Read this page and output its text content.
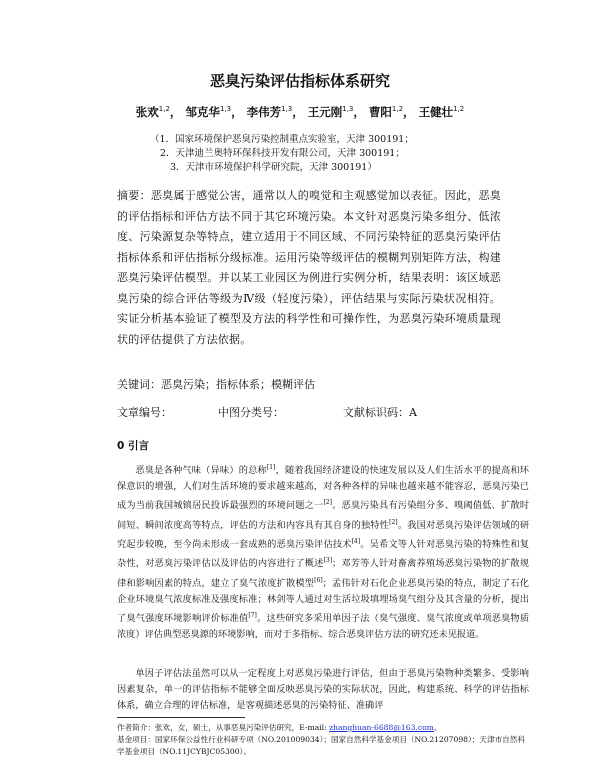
恶臭污染评估指标体系研究
张欢$^{1,2}$， 邹克华$^{1,3}$， 李伟芳$^{1,3}$， 王元刚$^{1,3}$， 曹阳$^{1,2}$， 王健壮$^{1,2}$
（1．国家环境保护恶臭污染控制重点实验室，天津 300191；
2．天津迪兰奥特环保科技开发有限公司，天津 300191；
3．天津市环境保护科学研究院，天津 300191）
摘要：恶臭属于感觉公害，通常以人的嗅觉和主观感觉加以表征。因此，恶臭的评估指标和评估方法不同于其它环境污染。本文针对恶臭污染多组分、低浓度、污染源复杂等特点，建立适用于不同区域、不同污染特征的恶臭污染评估指标体系和评估指标分级标准。运用污染等级评估的模糊判别矩阵方法，构建恶臭污染评估模型。并以某工业园区为例进行实例分析，结果表明：该区域恶臭污染的综合评估等级为Ⅳ级（轻度污染），评估结果与实际污染状况相符。实证分析基本验证了模型及方法的科学性和可操作性，为恶臭污染环境质量现状的评估提供了方法依据。
关键词：恶臭污染；指标体系；模糊评估
文章编号：	中图分类号：	文献标识码：A
0 引言

恶臭是各种气味（异味）的总称[1]，随着我国经济建设的快速发展以及人们生活水平的提高和环保意识的增强，人们对生活环境的要求越来越高，对各种各样的异味也越来越不能容忍，恶臭污染已成为当前我国城镇居民投诉最强烈的环境问题之一[2]。恶臭污染具有污染组分多、嗅阈值低、扩散时间短、瞬间浓度高等特点，评估的方法和内容具有其自身的独特性[2]。我国对恶臭污染评估领域的研究起步较晚，至今尚未形成一套成熟的恶臭污染评估技术[4]。吴希文等人针对恶臭污染的特殊性和复杂性，对恶臭污染评估以及评估的内容进行了概述[3]；邓芳等人针对畜禽养殖场恶臭污染物的扩散规律和影响因素的特点，建立了臭气浓度扩散模型[6]；孟伟针对石化企业恶臭污染的特点，制定了石化企业环境臭气浓度标准及强度标准；林剑等人通过对生活垃圾填埋场臭气组分及其含量的分析，提出了臭气强度环境影响评价标准值[7]。这些研究多采用单因子法（臭气强度、臭气浓度或单项恶臭物质浓度）评估典型恶臭源的环境影响，而对于多指标、综合恶臭评估方法的研究还未见报道。

单因子评估法虽然可以从一定程度上对恶臭污染进行评估，但由于恶臭污染物种类繁多、受影响因素复杂，单一的评估指标不能够全面反映恶臭污染的实际状况，因此，构建系统、科学的评估指标体系，确立合理的评估标准，是客观描述恶臭的污染特征、准确评

作者简介：张欢，女，硕士，从事恶臭污染评估研究，E-mail: zhanghuan-6688@163.com。
基金项目：国家环保公益性行业科研专项（NO.201009034）；国家自然科学基金项目（NO.21207098）；天津市自然科学基金项目（NO.11JCYBJC05300）。
